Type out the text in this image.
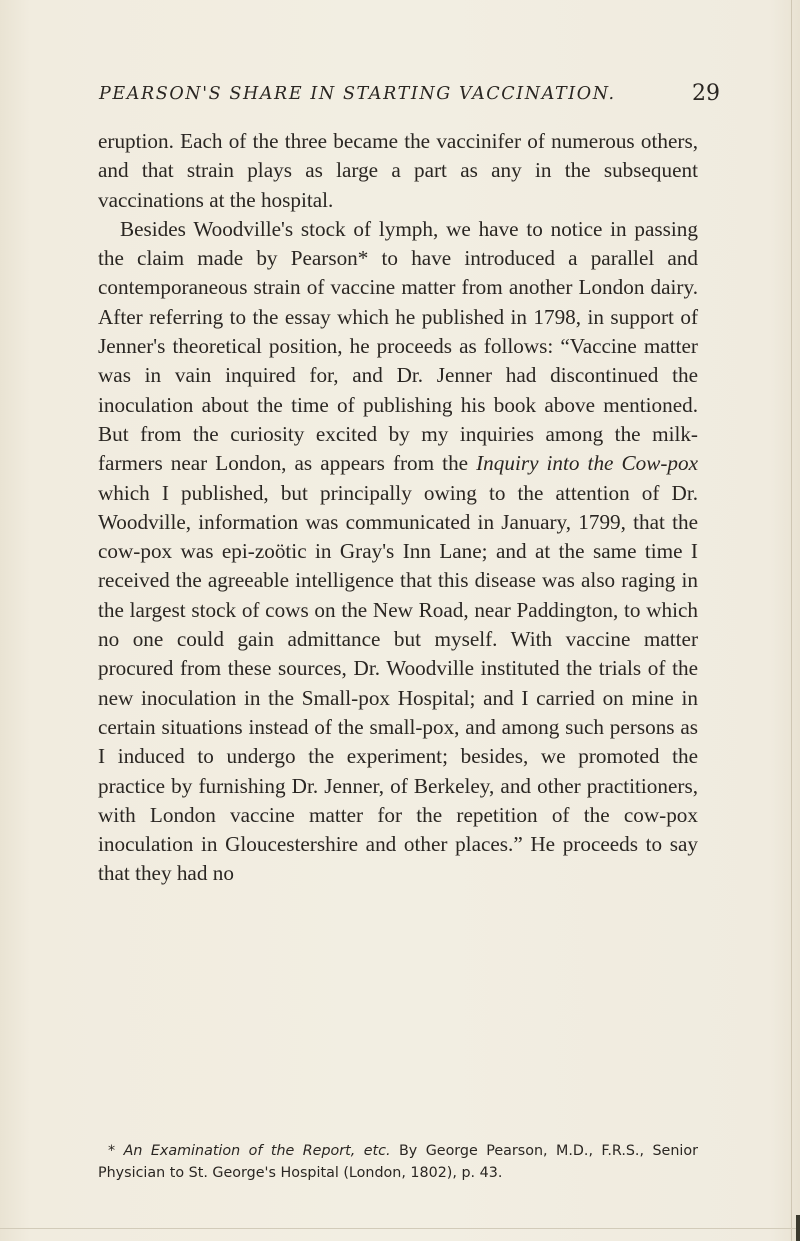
PEARSON'S SHARE IN STARTING VACCINATION.	29

eruption. Each of the three became the vaccinifer of numerous others, and that strain plays as large a part as any in the subsequent vaccinations at the hospital.

Besides Woodville's stock of lymph, we have to notice in passing the claim made by Pearson* to have introduced a parallel and contemporaneous strain of vaccine matter from another London dairy. After referring to the essay which he published in 1798, in support of Jenner's theoretical position, he proceeds as follows: “Vaccine matter was in vain inquired for, and Dr. Jenner had discontinued the inoculation about the time of publishing his book above mentioned. But from the curiosity excited by my inquiries among the milk-farmers near London, as appears from the Inquiry into the Cow-pox which I published, but principally owing to the attention of Dr. Woodville, information was communicated in January, 1799, that the cow-pox was epi-zoötic in Gray's Inn Lane; and at the same time I received the agreeable intelligence that this disease was also raging in the largest stock of cows on the New Road, near Paddington, to which no one could gain admittance but myself. With vaccine matter procured from these sources, Dr. Woodville instituted the trials of the new inoculation in the Small-pox Hospital; and I carried on mine in certain situations instead of the small-pox, and among such persons as I induced to undergo the experiment; besides, we promoted the practice by furnishing Dr. Jenner, of Berkeley, and other practitioners, with London vaccine matter for the repetition of the cow-pox inoculation in Gloucestershire and other places.” He proceeds to say that they had no

* An Examination of the Report, etc. By George Pearson, M.D., F.R.S., Senior Physician to St. George's Hospital (London, 1802), p. 43.
